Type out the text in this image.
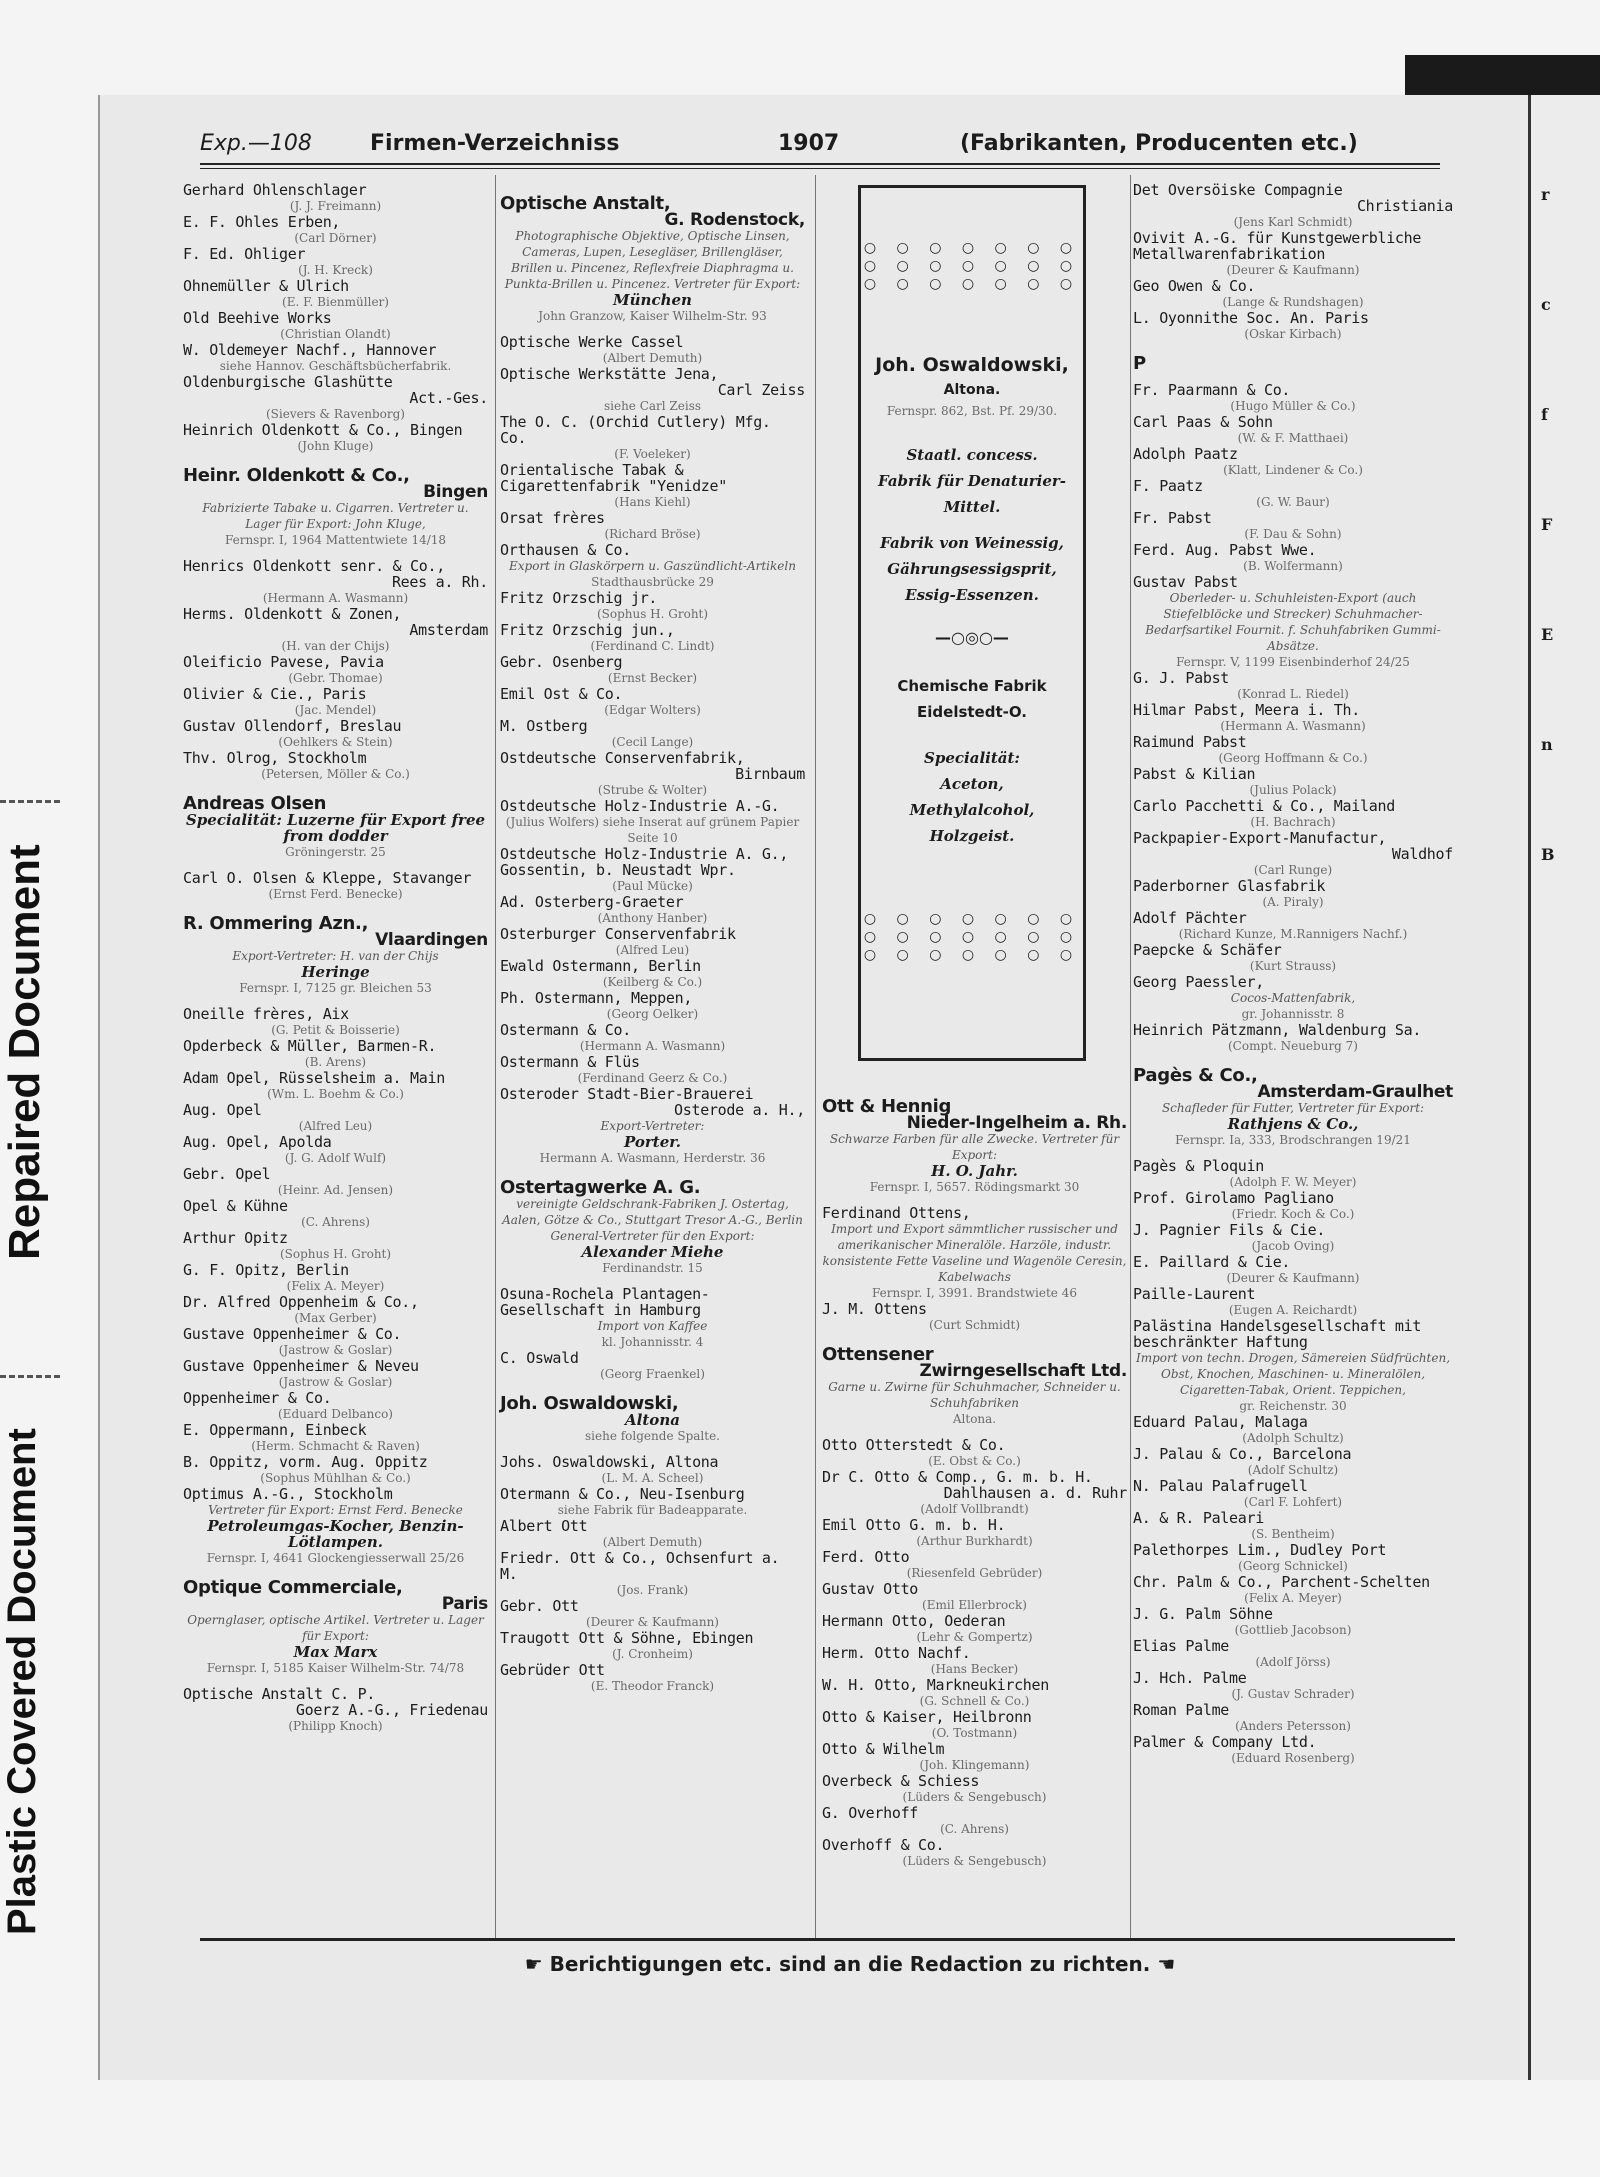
Plastic Covered Document
Repaired Document
r
c
f
F
E
n
B
Exp.—108	Firmen-Verzeichniss	1907	(Fabrikanten, Producenten etc.)

Gerhard Ohlenschlager

(J. J. Freimann)

E. F. Ohles Erben,

(Carl Dörner)

F. Ed. Ohliger

(J. H. Kreck)

Ohnemüller & Ulrich

(E. F. Bienmüller)

Old Beehive Works

(Christian Olandt)

W. Oldemeyer Nachf., Hannover

siehe Hannov. Geschäftsbücherfabrik.

Oldenburgische Glashütte

Act.-Ges.

(Sievers & Ravenborg)

Heinrich Oldenkott & Co., Bingen

(John Kluge)

Heinr. Oldenkott & Co.,

Bingen

Fabrizierte Tabake u. Cigarren. Vertreter u. Lager für Export: John Kluge,

Fernspr. I, 1964 Mattentwiete 14/18

Henrics Oldenkott senr. & Co.,

Rees a. Rh.

(Hermann A. Wasmann)

Herms. Oldenkott & Zonen,

Amsterdam

(H. van der Chijs)

Oleificio Pavese, Pavia

(Gebr. Thomae)

Olivier & Cie., Paris

(Jac. Mendel)

Gustav Ollendorf, Breslau

(Oehlkers & Stein)

Thv. Olrog, Stockholm

(Petersen, Möller & Co.)

Andreas Olsen

Specialität: Luzerne für Export free from dodder

Gröningerstr. 25

Carl O. Olsen & Kleppe, Stavanger

(Ernst Ferd. Benecke)

R. Ommering Azn.,

Vlaardingen

Export-Vertreter: H. van der Chijs

Heringe

Fernspr. I, 7125 gr. Bleichen 53

Oneille frères, Aix

(G. Petit & Boisserie)

Opderbeck & Müller, Barmen-R.

(B. Arens)

Adam Opel, Rüsselsheim a. Main

(Wm. L. Boehm & Co.)

Aug. Opel

(Alfred Leu)

Aug. Opel, Apolda

(J. G. Adolf Wulf)

Gebr. Opel

(Heinr. Ad. Jensen)

Opel & Kühne

(C. Ahrens)

Arthur Opitz

(Sophus H. Groht)

G. F. Opitz, Berlin

(Felix A. Meyer)

Dr. Alfred Oppenheim & Co.,

(Max Gerber)

Gustave Oppenheimer & Co.

(Jastrow & Goslar)

Gustave Oppenheimer & Neveu

(Jastrow & Goslar)

Oppenheimer & Co.

(Eduard Delbanco)

E. Oppermann, Einbeck

(Herm. Schmacht & Raven)

B. Oppitz, vorm. Aug. Oppitz

(Sophus Mühlhan & Co.)

Optimus A.-G., Stockholm

Vertreter für Export: Ernst Ferd. Benecke

Petroleumgas-Kocher, Benzin-Lötlampen.

Fernspr. I, 4641 Glockengiesserwall 25/26

Optique Commerciale,

Paris

Opernglaser, optische Artikel. Vertreter u. Lager für Export:

Max Marx

Fernspr. I, 5185 Kaiser Wilhelm-Str. 74/78

Optische Anstalt C. P.

Goerz A.-G., Friedenau

(Philipp Knoch)

Optische Anstalt,

G. Rodenstock,

Photographische Objektive, Optische Linsen, Cameras, Lupen, Lesegläser, Brillengläser, Brillen u. Pincenez, Reflexfreie Diaphragma u. Punkta-Brillen u. Pincenez. Vertreter für Export:

München

John Granzow, Kaiser Wilhelm-Str. 93

Optische Werke Cassel

(Albert Demuth)

Optische Werkstätte Jena,

Carl Zeiss

siehe Carl Zeiss

The O. C. (Orchid Cutlery) Mfg. Co.

(F. Voeleker)

Orientalische Tabak & Cigarettenfabrik "Yenidze"

(Hans Kiehl)

Orsat frères

(Richard Bröse)

Orthausen & Co.

Export in Glaskörpern u. Gaszündlicht-Artikeln

Stadthausbrücke 29

Fritz Orzschig jr.

(Sophus H. Groht)

Fritz Orzschig jun.,

(Ferdinand C. Lindt)

Gebr. Osenberg

(Ernst Becker)

Emil Ost & Co.

(Edgar Wolters)

M. Ostberg

(Cecil Lange)

Ostdeutsche Conservenfabrik,

Birnbaum

(Strube & Wolter)

Ostdeutsche Holz-Industrie A.-G.

(Julius Wolfers) siehe Inserat auf grünem Papier Seite 10

Ostdeutsche Holz-Industrie A. G., Gossentin, b. Neustadt Wpr.

(Paul Mücke)

Ad. Osterberg-Graeter

(Anthony Hanber)

Osterburger Conservenfabrik

(Alfred Leu)

Ewald Ostermann, Berlin

(Keilberg & Co.)

Ph. Ostermann, Meppen,

(Georg Oelker)

Ostermann & Co.

(Hermann A. Wasmann)

Ostermann & Flüs

(Ferdinand Geerz & Co.)

Osteroder Stadt-Bier-Brauerei

Osterode a. H.,

Export-Vertreter:

Porter.

Hermann A. Wasmann, Herderstr. 36

Ostertagwerke A. G.

vereinigte Geldschrank-Fabriken J. Ostertag, Aalen, Götze & Co., Stuttgart Tresor A.-G., Berlin General-Vertreter für den Export:

Alexander Miehe

Ferdinandstr. 15

Osuna-Rochela Plantagen-Gesellschaft in Hamburg

Import von Kaffee

kl. Johannisstr. 4

C. Oswald

(Georg Fraenkel)

Joh. Oswaldowski,

Altona

siehe folgende Spalte.

Johs. Oswaldowski, Altona

(L. M. A. Scheel)

Otermann & Co., Neu-Isenburg

siehe Fabrik für Badeapparate.

Albert Ott

(Albert Demuth)

Friedr. Ott & Co., Ochsenfurt a. M.

(Jos. Frank)

Gebr. Ott

(Deurer & Kaufmann)

Traugott Ott & Söhne, Ebingen

(J. Cronheim)

Gebrüder Ott

(E. Theodor Franck)

Ott & Hennig

Nieder-Ingelheim a. Rh.

Schwarze Farben für alle Zwecke. Vertreter für Export:

H. O. Jahr.

Fernspr. I, 5657. Rödingsmarkt 30

Ferdinand Ottens,

Import und Export sämmtlicher russischer und amerikanischer Mineralöle. Harzöle, industr. konsistente Fette Vaseline und Wagenöle Ceresin, Kabelwachs

Fernspr. I, 3991. Brandstwiete 46

J. M. Ottens

(Curt Schmidt)

Ottensener

Zwirngesellschaft Ltd.

Garne u. Zwirne für Schuhmacher, Schneider u. Schuhfabriken

Altona.

Otto Otterstedt & Co.

(E. Obst & Co.)

Dr C. Otto & Comp., G. m. b. H.

Dahlhausen a. d. Ruhr

(Adolf Vollbrandt)

Emil Otto G. m. b. H.

(Arthur Burkhardt)

Ferd. Otto

(Riesenfeld Gebrüder)

Gustav Otto

(Emil Ellerbrock)

Hermann Otto, Oederan

(Lehr & Gompertz)

Herm. Otto Nachf.

(Hans Becker)

W. H. Otto, Markneukirchen

(G. Schnell & Co.)

Otto & Kaiser, Heilbronn

(O. Tostmann)

Otto & Wilhelm

(Joh. Klingemann)

Overbeck & Schiess

(Lüders & Sengebusch)

G. Overhoff

(C. Ahrens)

Overhoff & Co.

(Lüders & Sengebusch)

Det Oversöiske Compagnie

Christiania

(Jens Karl Schmidt)

Ovivit A.-G. für Kunstgewerbliche Metallwarenfabrikation

(Deurer & Kaufmann)

Geo Owen & Co.

(Lange & Rundshagen)

L. Oyonnithe Soc. An. Paris

(Oskar Kirbach)

P

Fr. Paarmann & Co.

(Hugo Müller & Co.)

Carl Paas & Sohn

(W. & F. Matthaei)

Adolph Paatz

(Klatt, Lindener & Co.)

F. Paatz

(G. W. Baur)

Fr. Pabst

(F. Dau & Sohn)

Ferd. Aug. Pabst Wwe.

(B. Wolfermann)

Gustav Pabst

Oberleder- u. Schuhleisten-Export (auch Stiefelblöcke und Strecker) Schuhmacher-Bedarfsartikel Fournit. f. Schuhfabriken Gummi-Absätze.

Fernspr. V, 1199 Eisenbinderhof 24/25

G. J. Pabst

(Konrad L. Riedel)

Hilmar Pabst, Meera i. Th.

(Hermann A. Wasmann)

Raimund Pabst

(Georg Hoffmann & Co.)

Pabst & Kilian

(Julius Polack)

Carlo Pacchetti & Co., Mailand

(H. Bachrach)

Packpapier-Export-Manufactur,

Waldhof

(Carl Runge)

Paderborner Glasfabrik

(A. Piraly)

Adolf Pächter

(Richard Kunze, M.Rannigers Nachf.)

Paepcke & Schäfer

(Kurt Strauss)

Georg Paessler,

Cocos-Mattenfabrik,

gr. Johannisstr. 8

Heinrich Pätzmann, Waldenburg Sa.

(Compt. Neueburg 7)

Pagès & Co.,

Amsterdam-Graulhet

Schafleder für Futter, Vertreter für Export:

Rathjens & Co.,

Fernspr. Ia, 333, Brodschrangen 19/21

Pagès & Ploquin

(Adolph F. W. Meyer)

Prof. Girolamo Pagliano

(Friedr. Koch & Co.)

J. Pagnier Fils & Cie.

(Jacob Oving)

E. Paillard & Cie.

(Deurer & Kaufmann)

Paille-Laurent

(Eugen A. Reichardt)

Palästina Handelsgesellschaft mit beschränkter Haftung

Import von techn. Drogen, Sämereien Südfrüchten, Obst, Knochen, Maschinen- u. Mineralölen, Cigaretten-Tabak, Orient. Teppichen,

gr. Reichenstr. 30

Eduard Palau, Malaga

(Adolph Schultz)

J. Palau & Co., Barcelona

(Adolf Schultz)

N. Palau Palafrugell

(Carl F. Lohfert)

A. & R. Paleari

(S. Bentheim)

Palethorpes Lim., Dudley Port

(Georg Schnickel)

Chr. Palm & Co., Parchent-Schelten

(Felix A. Meyer)

J. G. Palm Söhne

(Gottlieb Jacobson)

Elias Palme

(Adolf Jörss)

J. Hch. Palme

(J. Gustav Schrader)

Roman Palme

(Anders Petersson)

Palmer & Company Ltd.

(Eduard Rosenberg)

○ ○ ○ ○ ○ ○ ○
○ ○ ○ ○ ○ ○ ○
○ ○ ○ ○ ○ ○ ○
Joh. Oswaldowski,
Altona.
Fernspr. 862, Bst. Pf. 29/30.
Staatl. concess.
Fabrik für Denaturier-Mittel.
Fabrik von Weinessig,
Gährungsessigsprit,
Essig-Essenzen.
—○◎○—
Chemische Fabrik Eidelstedt-O.
Specialität:
Aceton,
Methylalcohol,
Holzgeist.
○ ○ ○ ○ ○ ○ ○
○ ○ ○ ○ ○ ○ ○
○ ○ ○ ○ ○ ○ ○
☛ Berichtigungen etc. sind an die Redaction zu richten. ☚
